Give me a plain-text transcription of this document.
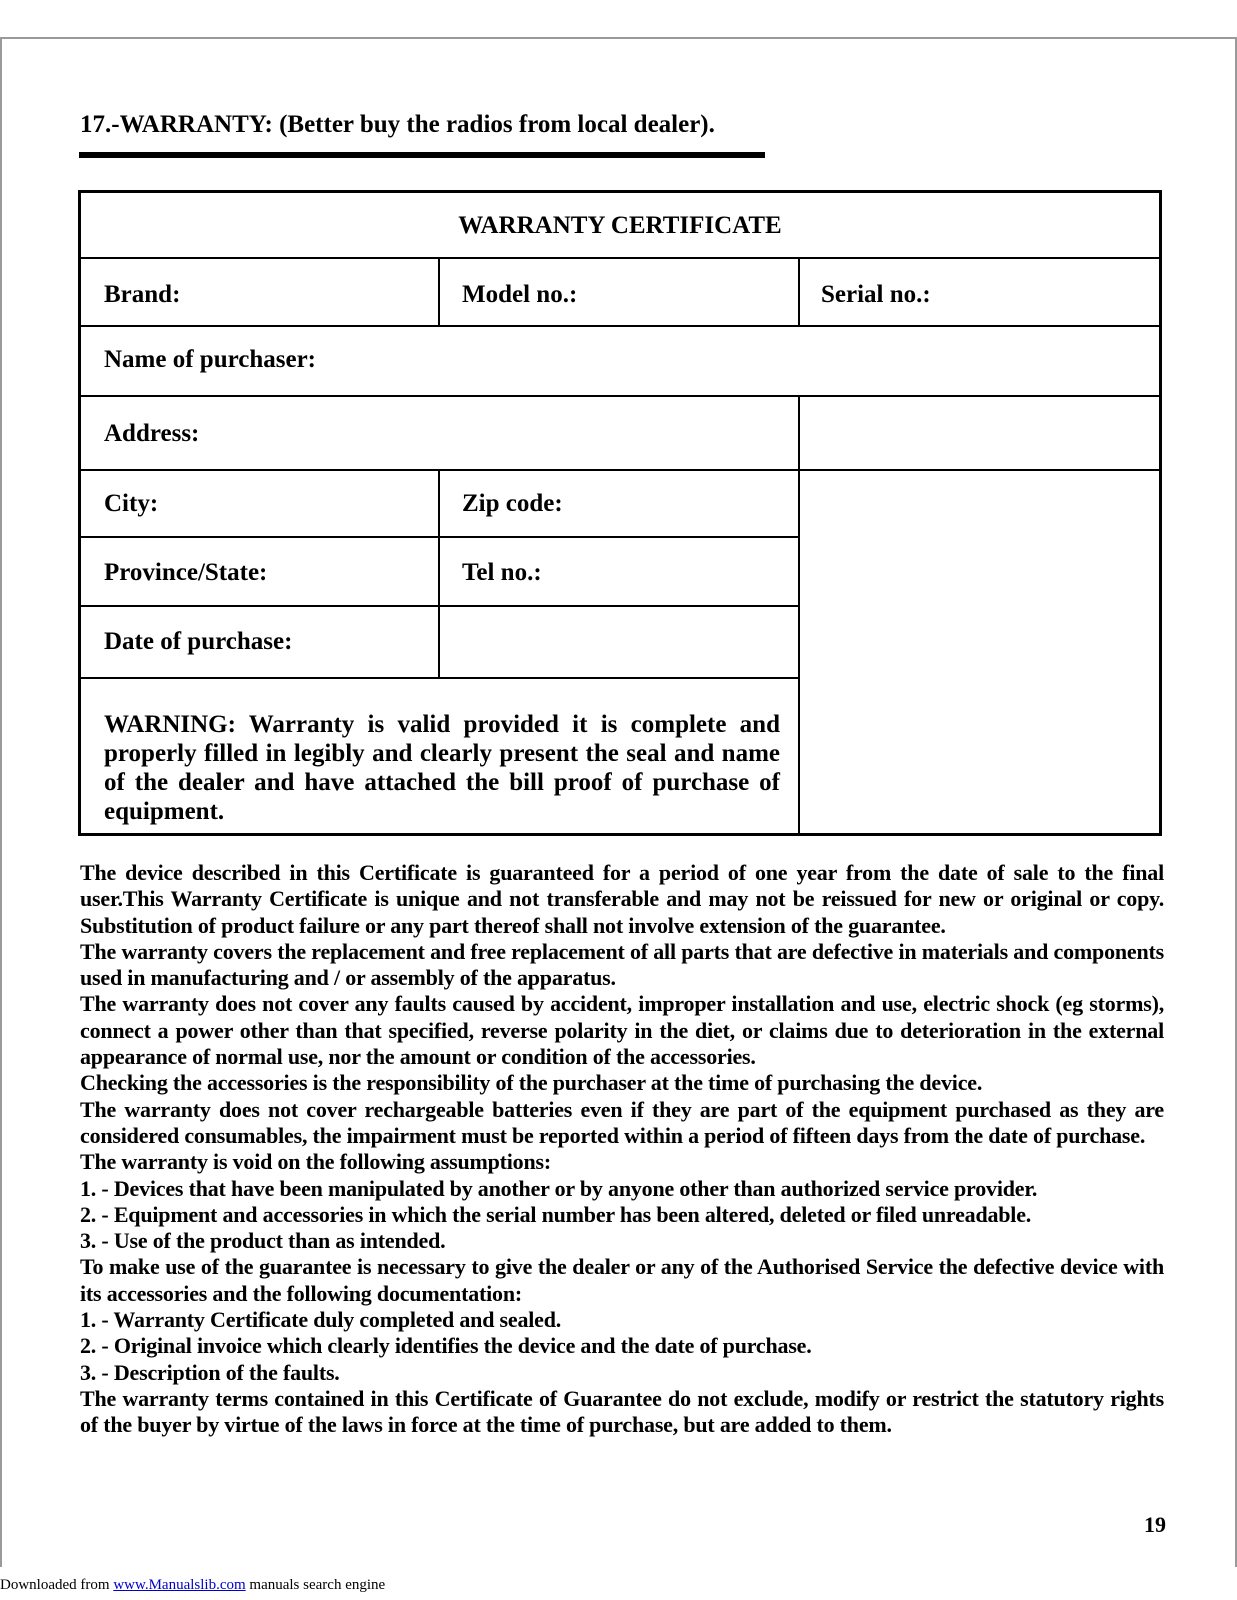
17.-WARRANTY: (Better buy the radios from local dealer).
WARRANTY CERTIFICATE
Brand:	Model no.:	Serial no.:
Name of purchaser:
Address:
City:	Zip code:
Province/State:	Tel no.:
Date of purchase:
WARNING: Warranty is valid provided it is complete and properly filled in legibly and clearly present the seal and name of the dealer and have attached the bill proof of purchase of equipment.

The device described in this Certificate is guaranteed for a period of one year from the date of sale to the final user.This Warranty Certificate is unique and not transferable and may not be reissued for new or original or copy. Substitution of product failure or any part thereof shall not involve extension of the guarantee.

The warranty covers the replacement and free replacement of all parts that are defective in materials and components used in manufacturing and / or assembly of the apparatus.

The warranty does not cover any faults caused by accident, improper installation and use, electric shock (eg storms), connect a power other than that specified, reverse polarity in the diet, or claims due to deterioration in the external appearance of normal use, nor the amount or condition of the accessories.

Checking the accessories is the responsibility of the purchaser at the time of purchasing the device.

The warranty does not cover rechargeable batteries even if they are part of the equipment purchased as they are considered consumables, the impairment must be reported within a period of fifteen days from the date of purchase.

The warranty is void on the following assumptions:

1. - Devices that have been manipulated by another or by anyone other than authorized service provider.

2. - Equipment and accessories in which the serial number has been altered, deleted or filed unreadable.

3. - Use of the product than as intended.

To make use of the guarantee is necessary to give the dealer or any of the Authorised Service the defective device with its accessories and the following documentation:

1. - Warranty Certificate duly completed and sealed.

2. - Original invoice which clearly identifies the device and the date of purchase.

3. - Description of the faults.

The warranty terms contained in this Certificate of Guarantee do not exclude, modify or restrict the statutory rights of the buyer by virtue of the laws in force at the time of purchase, but are added to them.

19
Downloaded from www.Manualslib.com manuals search engine
